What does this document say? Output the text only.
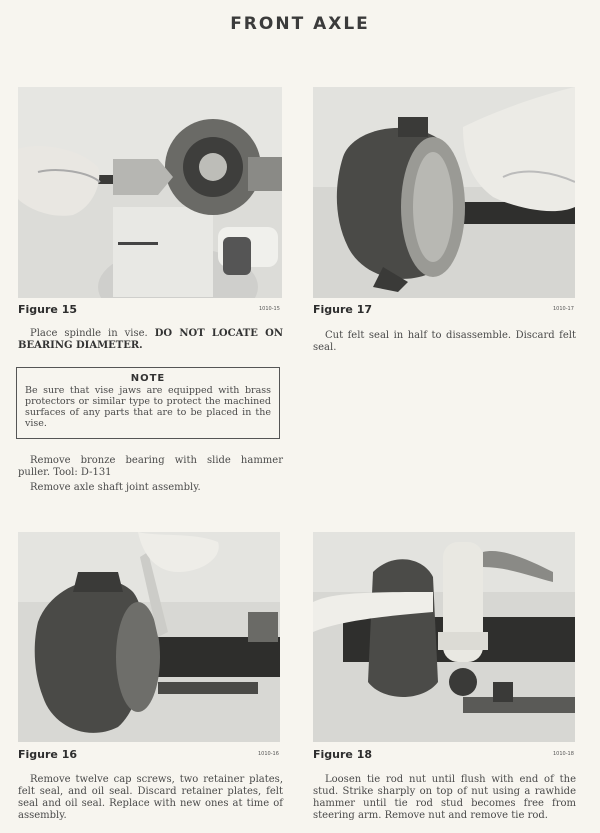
FRONT AXLE
Figure 15	1010-15	Figure 17	1010-17

Place spindle in vise. DO NOT LOCATE ON BEARING DIAMETER.

NOTE
Be sure that vise jaws are equipped with brass protectors or similar type to protect the machined surfaces of any parts that are to be placed in the vise.

Remove bronze bearing with slide hammer puller. Tool: D-131

Remove axle shaft joint assembly.

Cut felt seal in half to disassemble. Discard felt seal.

Figure 16	1010-16	Figure 18	1010-18

Remove twelve cap screws, two retainer plates, felt seal, and oil seal. Discard retainer plates, felt seal and oil seal. Replace with new ones at time of assembly.

Loosen tie rod nut until flush with end of the stud. Strike sharply on top of nut using a rawhide hammer until tie rod stud becomes free from steering arm. Remove nut and remove tie rod.
